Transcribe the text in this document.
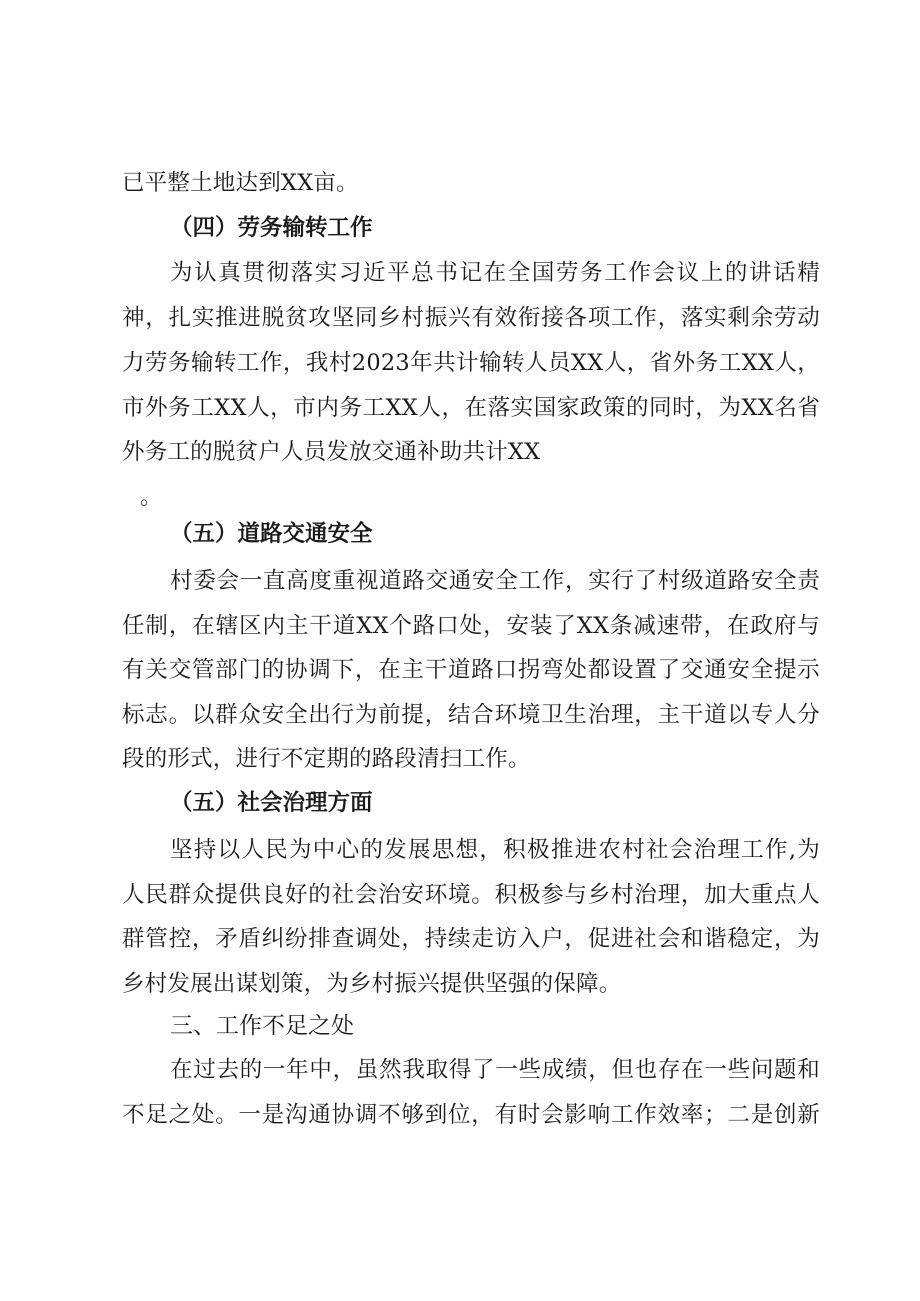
已平整土地达到XX亩。
（四）劳务输转工作
为认真贯彻落实习近平总书记在全国劳务工作会议上的讲话精
神，扎实推进脱贫攻坚同乡村振兴有效衔接各项工作，落实剩余劳动
力劳务输转工作，我村2023年共计输转人员XX人，省外务工XX人，
市外务工XX人，市内务工XX人，在落实国家政策的同时，为XX名省
外务工的脱贫户人员发放交通补助共计XX
。
（五）道路交通安全
村委会一直高度重视道路交通安全工作，实行了村级道路安全责
任制，在辖区内主干道XX个路口处，安装了XX条减速带，在政府与
有关交管部门的协调下，在主干道路口拐弯处都设置了交通安全提示
标志。以群众安全出行为前提，结合环境卫生治理，主干道以专人分
段的形式，进行不定期的路段清扫工作。
（五）社会治理方面
坚持以人民为中心的发展思想，积极推进农村社会治理工作,为
人民群众提供良好的社会治安环境。积极参与乡村治理，加大重点人
群管控，矛盾纠纷排查调处，持续走访入户，促进社会和谐稳定，为
乡村发展出谋划策，为乡村振兴提供坚强的保障。
三、工作不足之处
在过去的一年中，虽然我取得了一些成绩，但也存在一些问题和
不足之处。一是沟通协调不够到位，有时会影响工作效率；二是创新
